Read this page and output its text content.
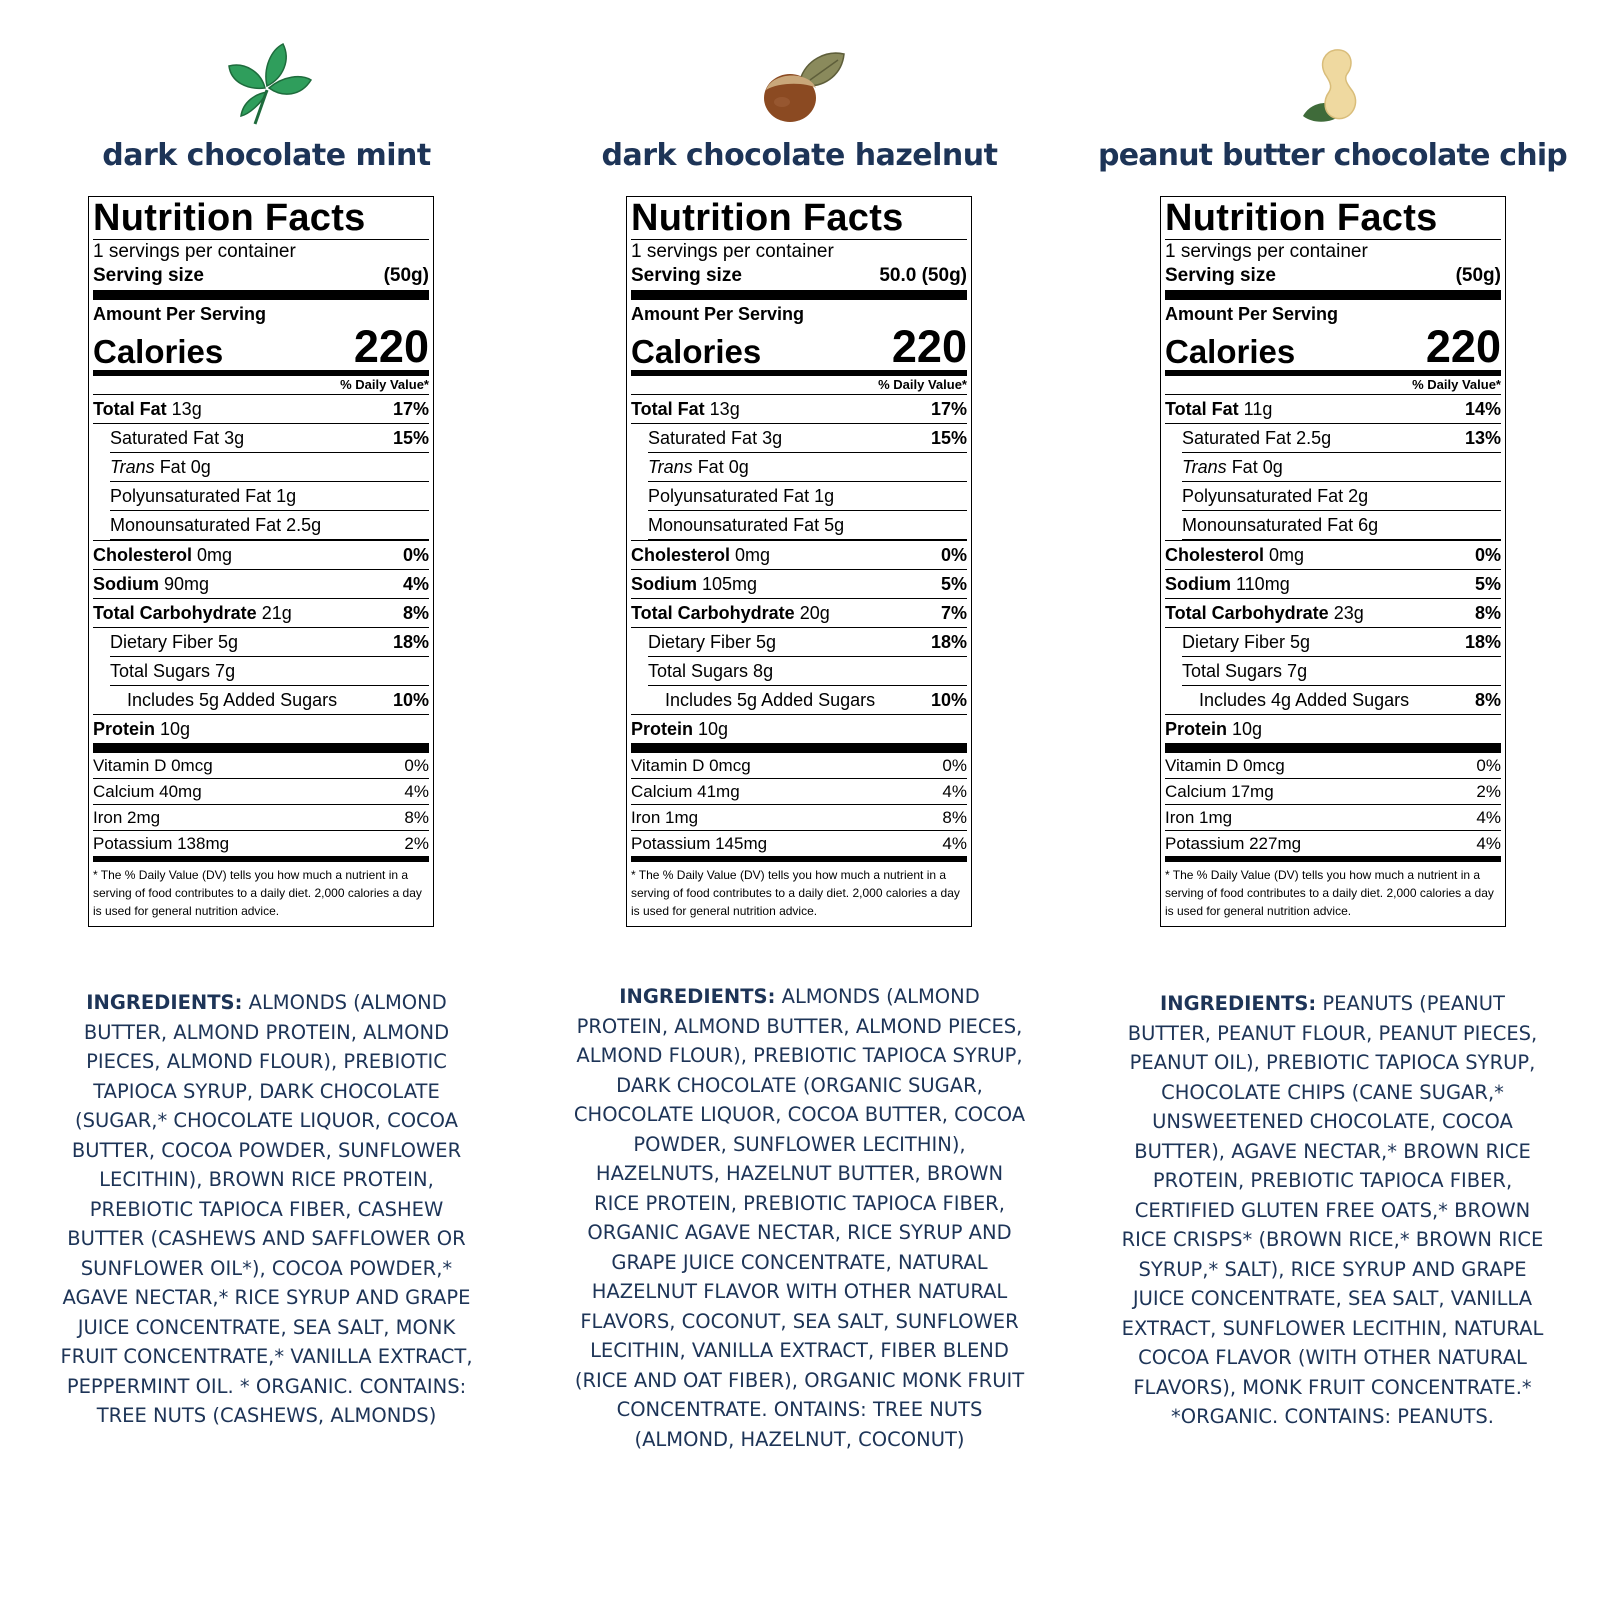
dark chocolate mint
Nutrition Facts
1 servings per container
Serving size	(50g)
Amount Per Serving
Calories	220
% Daily Value*
Total Fat 13g	17%
Saturated Fat 3g	15%
Trans Fat 0g
Polyunsaturated Fat 1g
Monounsaturated Fat 2.5g
Cholesterol 0mg	0%
Sodium 90mg	4%
Total Carbohydrate 21g	8%
Dietary Fiber 5g	18%
Total Sugars 7g
Includes 5g Added Sugars	10%
Protein 10g
Vitamin D 0mcg	0%
Calcium 40mg	4%
Iron 2mg	8%
Potassium 138mg	2%
* The % Daily Value (DV) tells you how much a nutrient in a serving of food contributes to a daily diet. 2,000 calories a day is used for general nutrition advice.
INGREDIENTS: ALMONDS (ALMOND BUTTER, ALMOND PROTEIN, ALMOND PIECES, ALMOND FLOUR), PREBIOTIC TAPIOCA SYRUP, DARK CHOCOLATE (SUGAR,* CHOCOLATE LIQUOR, COCOA BUTTER, COCOA POWDER, SUNFLOWER LECITHIN), BROWN RICE PROTEIN, PREBIOTIC TAPIOCA FIBER, CASHEW BUTTER (CASHEWS AND SAFFLOWER OR SUNFLOWER OIL*), COCOA POWDER,* AGAVE NECTAR,* RICE SYRUP AND GRAPE JUICE CONCENTRATE, SEA SALT, MONK FRUIT CONCENTRATE,* VANILLA EXTRACT, PEPPERMINT OIL. * ORGANIC. CONTAINS: TREE NUTS (CASHEWS, ALMONDS)
dark chocolate hazelnut
Nutrition Facts
1 servings per container
Serving size	50.0 (50g)
Amount Per Serving
Calories	220
% Daily Value*
Total Fat 13g	17%
Saturated Fat 3g	15%
Trans Fat 0g
Polyunsaturated Fat 1g
Monounsaturated Fat 5g
Cholesterol 0mg	0%
Sodium 105mg	5%
Total Carbohydrate 20g	7%
Dietary Fiber 5g	18%
Total Sugars 8g
Includes 5g Added Sugars	10%
Protein 10g
Vitamin D 0mcg	0%
Calcium 41mg	4%
Iron 1mg	8%
Potassium 145mg	4%
* The % Daily Value (DV) tells you how much a nutrient in a serving of food contributes to a daily diet. 2,000 calories a day is used for general nutrition advice.
INGREDIENTS: ALMONDS (ALMOND PROTEIN, ALMOND BUTTER, ALMOND PIECES, ALMOND FLOUR), PREBIOTIC TAPIOCA SYRUP, DARK CHOCOLATE (ORGANIC SUGAR, CHOCOLATE LIQUOR, COCOA BUTTER, COCOA POWDER, SUNFLOWER LECITHIN), HAZELNUTS, HAZELNUT BUTTER, BROWN RICE PROTEIN, PREBIOTIC TAPIOCA FIBER, ORGANIC AGAVE NECTAR, RICE SYRUP AND GRAPE JUICE CONCENTRATE, NATURAL HAZELNUT FLAVOR WITH OTHER NATURAL FLAVORS, COCONUT, SEA SALT, SUNFLOWER LECITHIN, VANILLA EXTRACT, FIBER BLEND (RICE AND OAT FIBER), ORGANIC MONK FRUIT CONCENTRATE. ONTAINS: TREE NUTS (ALMOND, HAZELNUT, COCONUT)
peanut butter chocolate chip
Nutrition Facts
1 servings per container
Serving size	(50g)
Amount Per Serving
Calories	220
% Daily Value*
Total Fat 11g	14%
Saturated Fat 2.5g	13%
Trans Fat 0g
Polyunsaturated Fat 2g
Monounsaturated Fat 6g
Cholesterol 0mg	0%
Sodium 110mg	5%
Total Carbohydrate 23g	8%
Dietary Fiber 5g	18%
Total Sugars 7g
Includes 4g Added Sugars	8%
Protein 10g
Vitamin D 0mcg	0%
Calcium 17mg	2%
Iron 1mg	4%
Potassium 227mg	4%
* The % Daily Value (DV) tells you how much a nutrient in a serving of food contributes to a daily diet. 2,000 calories a day is used for general nutrition advice.
INGREDIENTS: PEANUTS (PEANUT BUTTER, PEANUT FLOUR, PEANUT PIECES, PEANUT OIL), PREBIOTIC TAPIOCA SYRUP, CHOCOLATE CHIPS (CANE SUGAR,* UNSWEETENED CHOCOLATE, COCOA BUTTER), AGAVE NECTAR,* BROWN RICE PROTEIN, PREBIOTIC TAPIOCA FIBER, CERTIFIED GLUTEN FREE OATS,* BROWN RICE CRISPS* (BROWN RICE,* BROWN RICE SYRUP,* SALT), RICE SYRUP AND GRAPE JUICE CONCENTRATE, SEA SALT, VANILLA EXTRACT, SUNFLOWER LECITHIN, NATURAL COCOA FLAVOR (WITH OTHER NATURAL FLAVORS), MONK FRUIT CONCENTRATE.* *ORGANIC. CONTAINS: PEANUTS.
